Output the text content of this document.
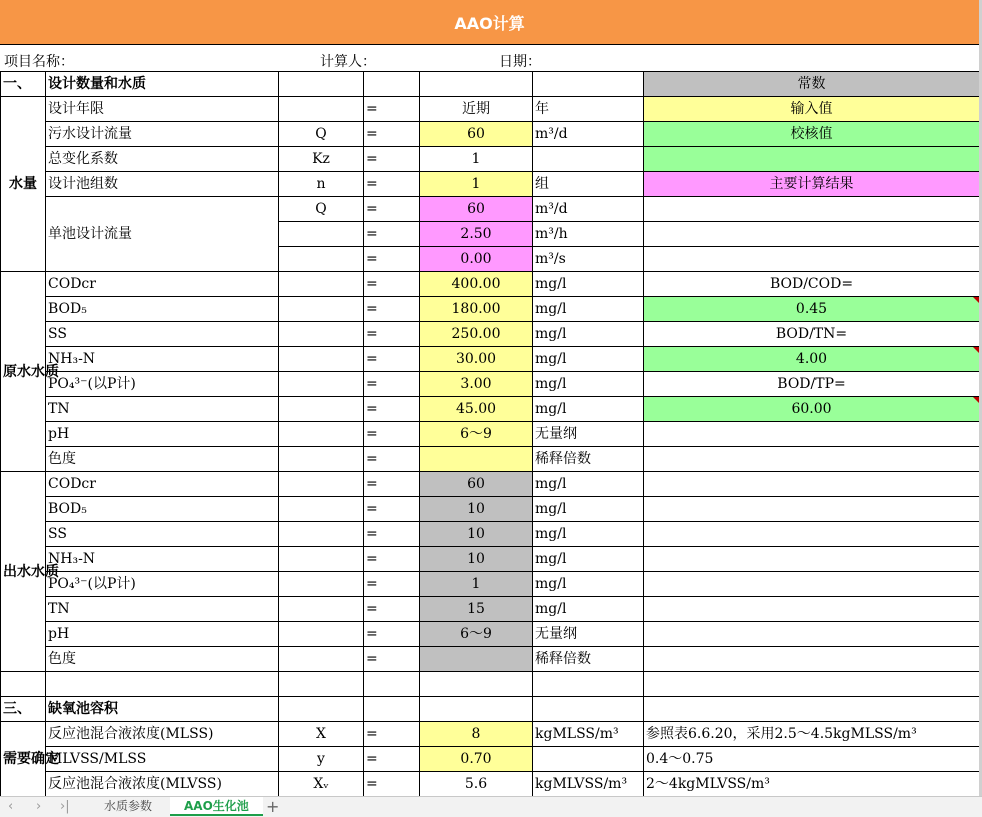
AAO计算
项目名称：	计算人：	日期：
一、	设计数量和水质					常数
水量	设计年限		=	近期	年	输入值
	污水设计流量	Q	=	60	m³/d	校核值
	总变化系数	Kz	=	1		
	设计池组数	n	=	1	组	主要计算结果
	单池设计流量	Q	=	60	m³/d	
			=	2.50	m³/h	
			=	0.00	m³/s	
原水水质	CODcr		=	400.00	mg/l	BOD/COD=
	BOD₅		=	180.00	mg/l	0.45
	SS		=	250.00	mg/l	BOD/TN=
	NH₃-N		=	30.00	mg/l	4.00
	PO₄³⁻(以P计)		=	3.00	mg/l	BOD/TP=
	TN		=	45.00	mg/l	60.00
	pH		=	6～9	无量纲	
	色度		=		稀释倍数	
出水水质	CODcr		=	60	mg/l	
	BOD₅		=	10	mg/l	
	SS		=	10	mg/l	
	NH₃-N		=	10	mg/l	
	PO₄³⁻(以P计)		=	1	mg/l	
	TN		=	15	mg/l	
	pH		=	6～9	无量纲	
	色度		=		稀释倍数	

三、	缺氧池容积					
需要确定	反应池混合液浓度(MLSS)	X	=	8	kgMLSS/m³	参照表6.6.20，采用2.5～4.5kgMLSS/m³
	MLVSS/MLSS	y	=	0.70		0.4～0.75
	反应池混合液浓度(MLVSS)	Xᵥ	=	5.6	kgMLVSS/m³	2～4kgMLVSS/m³
‹ › ›|	水质参数	AAO生化池	+
